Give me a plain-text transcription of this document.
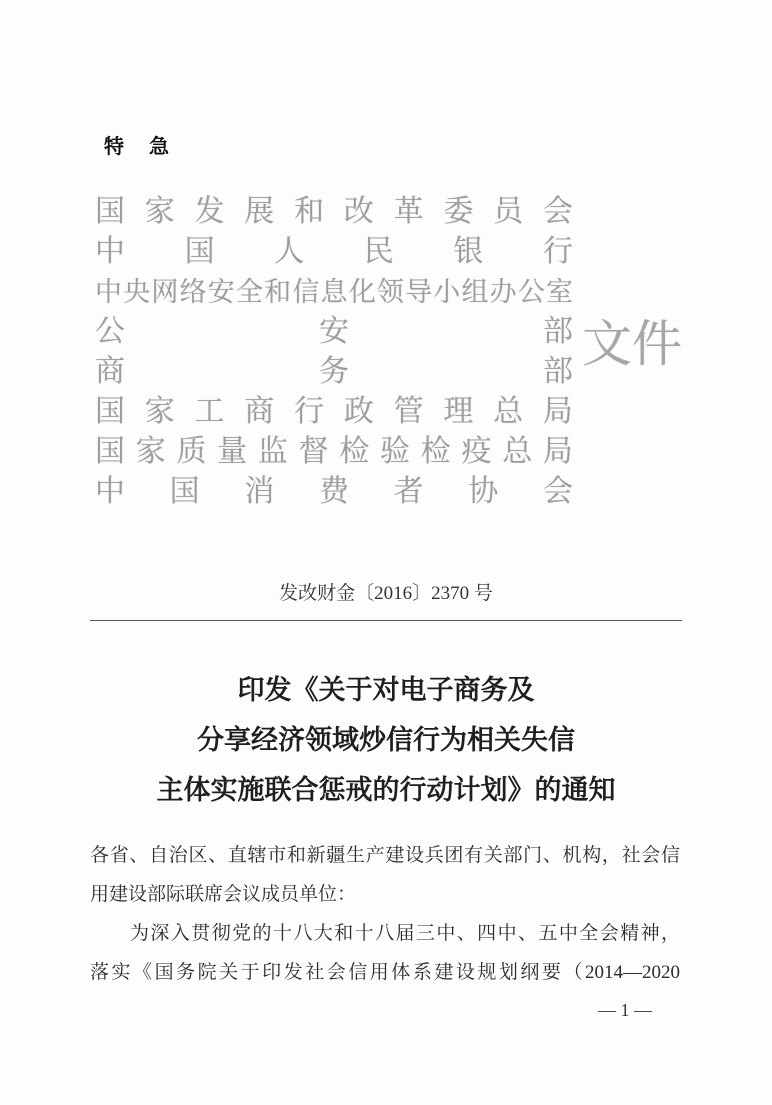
特 急
国 家 发 展 和 改 革 委 员 会
中 国 人 民 银 行
中 央 网 络 安 全 和 信 息 化 领 导 小 组 办 公 室
公	安	部
商	务	部
国 家 工 商 行 政 管 理 总 局
国 家 质 量 监 督 检 验 检 疫 总 局
中 国 消 费 者 协 会
文件
发改财金〔2016〕2370 号
印发《关于对电子商务及
分享经济领域炒信行为相关失信
主体实施联合惩戒的行动计划》的通知
各省、自治区、直辖市和新疆生产建设兵团有关部门、机构，社会信
用建设部际联席会议成员单位：
为深入贯彻党的十八大和十八届三中、四中、五中全会精神，
落实《国务院关于印发社会信用体系建设规划纲要（2014—2020
— 1 —
